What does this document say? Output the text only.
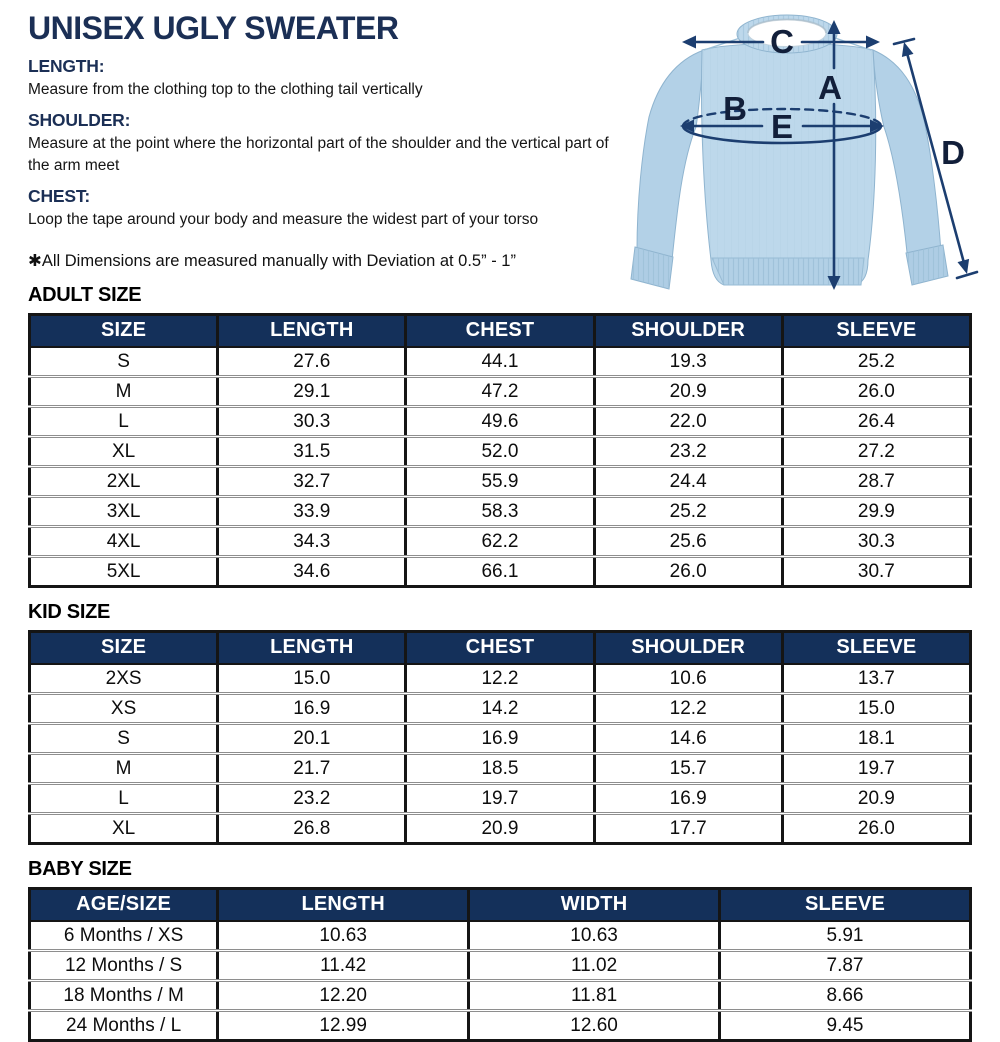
UNISEX UGLY SWEATER
LENGTH:

Measure from the clothing top to the clothing tail vertically

SHOULDER:

Measure at the point where the horizontal part of the shoulder and the vertical part of the arm meet

CHEST:

Loop the tape around your body and measure the widest part of your torso

✱All Dimensions are measured manually with Deviation at 0.5” - 1”

ADULT SIZE
SIZE	LENGTH	CHEST	SHOULDER	SLEEVE
S	27.6	44.1	19.3	25.2
M	29.1	47.2	20.9	26.0
L	30.3	49.6	22.0	26.4
XL	31.5	52.0	23.2	27.2
2XL	32.7	55.9	24.4	28.7
3XL	33.9	58.3	25.2	29.9
4XL	34.3	62.2	25.6	30.3
5XL	34.6	66.1	26.0	30.7
KID SIZE
SIZE	LENGTH	CHEST	SHOULDER	SLEEVE
2XS	15.0	12.2	10.6	13.7
XS	16.9	14.2	12.2	15.0
S	20.1	16.9	14.6	18.1
M	21.7	18.5	15.7	19.7
L	23.2	19.7	16.9	20.9
XL	26.8	20.9	17.7	26.0
BABY SIZE
AGE/SIZE	LENGTH	WIDTH	SLEEVE
6 Months / XS	10.63	10.63	5.91
12 Months / S	11.42	11.02	7.87
18 Months / M	12.20	11.81	8.66
24 Months / L	12.99	12.60	9.45
C
A
B E
D
